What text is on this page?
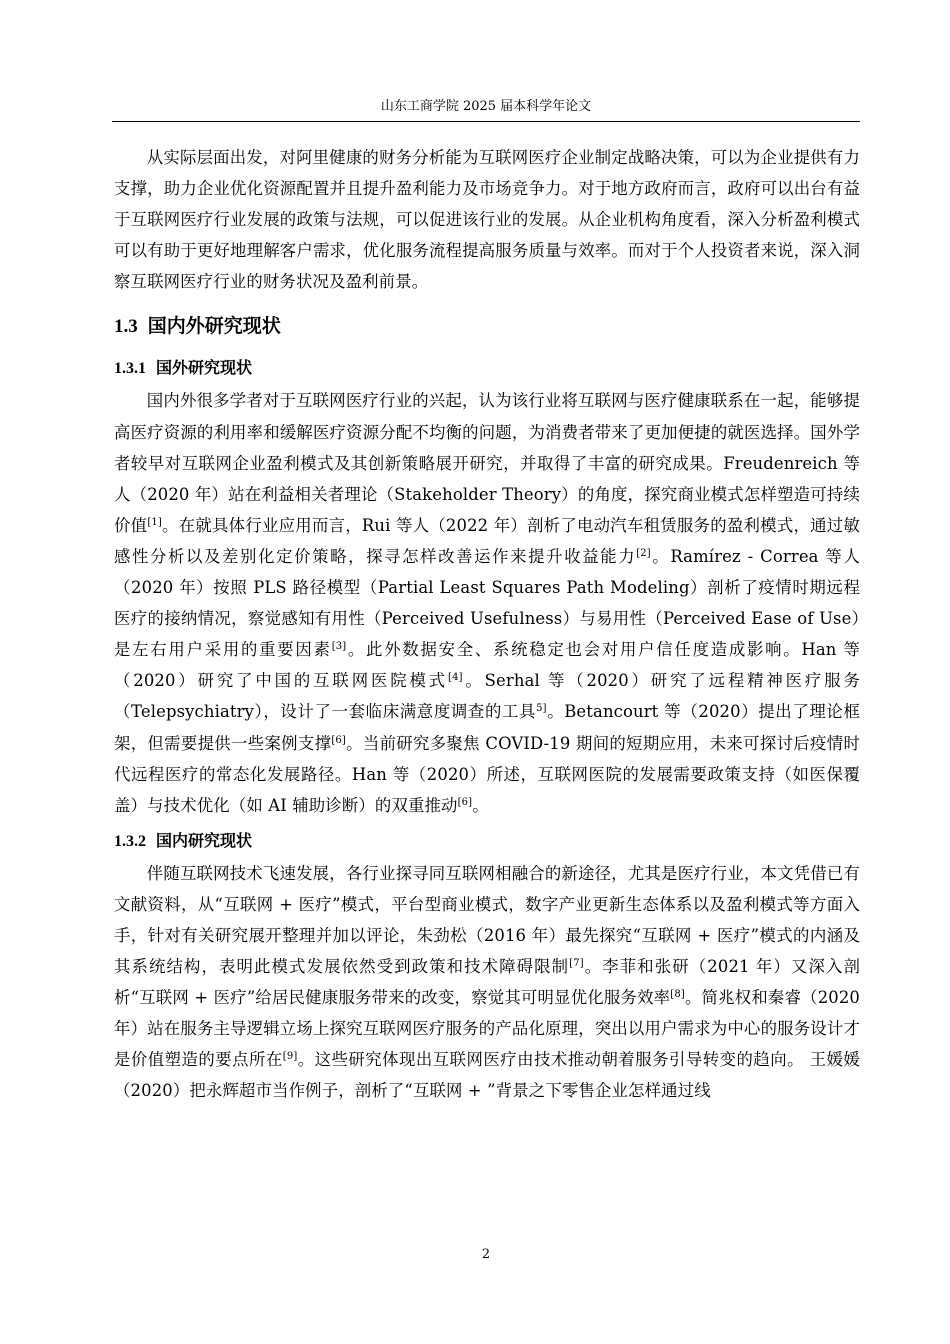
山东工商学院 2025 届本科学年论文

从实际层面出发，对阿里健康的财务分析能为互联网医疗企业制定战略决策，可以为企业提供有力支撑，助力企业优化资源配置并且提升盈利能力及市场竞争力。对于地方政府而言，政府可以出台有益于互联网医疗行业发展的政策与法规，可以促进该行业的发展。从企业机构角度看，深入分析盈利模式可以有助于更好地理解客户需求，优化服务流程提高服务质量与效率。而对于个人投资者来说，深入洞察互联网医疗行业的财务状况及盈利前景。

1.3 国内外研究现状
1.3.1 国外研究现状

国内外很多学者对于互联网医疗行业的兴起，认为该行业将互联网与医疗健康联系在一起，能够提高医疗资源的利用率和缓解医疗资源分配不均衡的问题，为消费者带来了更加便捷的就医选择。国外学者较早对互联网企业盈利模式及其创新策略展开研究，并取得了丰富的研究成果。Freudenreich 等人（2020 年）站在利益相关者理论（Stakeholder Theory）的角度，探究商业模式怎样塑造可持续价值[1]。在就具体行业应用而言，Rui 等人（2022 年）剖析了电动汽车租赁服务的盈利模式，通过敏感性分析以及差别化定价策略，探寻怎样改善运作来提升收益能力[2]。Ramírez - Correa 等人（2020 年）按照 PLS 路径模型（Partial Least Squares Path Modeling）剖析了疫情时期远程医疗的接纳情况，察觉感知有用性（Perceived Usefulness）与易用性（Perceived Ease of Use）是左右用户采用的重要因素[3]。此外数据安全、系统稳定也会对用户信任度造成影响。Han 等（2020）研究了中国的互联网医院模式[4]。Serhal 等（2020）研究了远程精神医疗服务（Telepsychiatry），设计了一套临床满意度调查的工具$^{5]}$。Betancourt 等（2020）提出了理论框架，但需要提供一些案例支撑[6]。当前研究多聚焦 COVID-19 期间的短期应用，未来可探讨后疫情时代远程医疗的常态化发展路径。Han 等（2020）所述，互联网医院的发展需要政策支持（如医保覆盖）与技术优化（如 AI 辅助诊断）的双重推动[6]。

1.3.2 国内研究现状

伴随互联网技术飞速发展，各行业探寻同互联网相融合的新途径，尤其是医疗行业，本文凭借已有文献资料，从“互联网 + 医疗”模式，平台型商业模式，数字产业更新生态体系以及盈利模式等方面入手，针对有关研究展开整理并加以评论，朱劲松（2016 年）最先探究“互联网 + 医疗”模式的内涵及其系统结构，表明此模式发展依然受到政策和技术障碍限制[7]。李菲和张研（2021 年）又深入剖析“互联网 + 医疗”给居民健康服务带来的改变，察觉其可明显优化服务效率[8]。简兆权和秦睿（2020 年）站在服务主导逻辑立场上探究互联网医疗服务的产品化原理，突出以用户需求为中心的服务设计才是价值塑造的要点所在[9]。这些研究体现出互联网医疗由技术推动朝着服务引导转变的趋向。 王媛媛（2020）把永辉超市当作例子，剖析了“互联网 + ”背景之下零售企业怎样通过线

2
